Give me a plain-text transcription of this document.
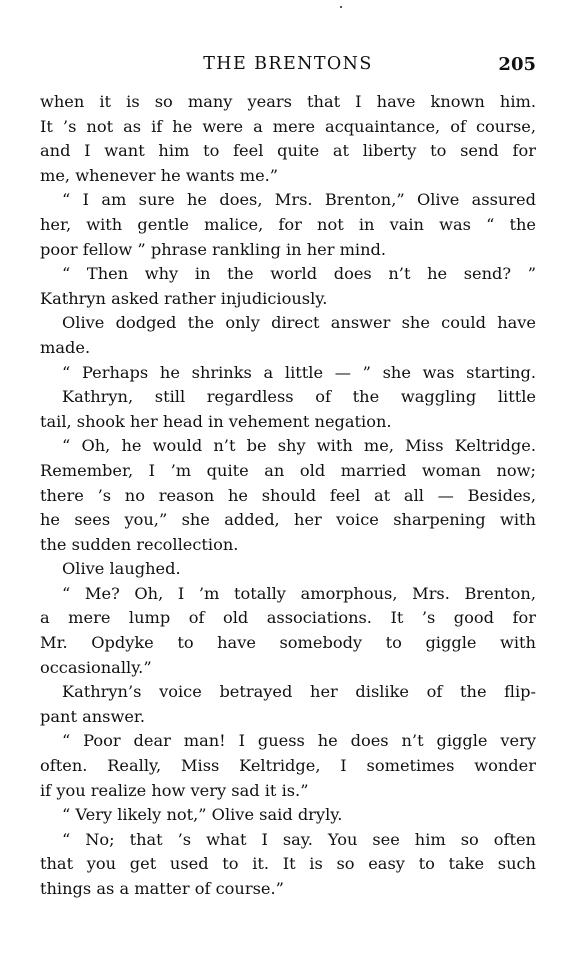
THE BRENTONS	205
when it is so many years that I have known him.
It ’s not as if he were a mere acquaintance, of course,
and I want him to feel quite at liberty to send for
me, whenever he wants me.”
“ I am sure he does, Mrs. Brenton,” Olive assured
her, with gentle malice, for not in vain was “ the
poor fellow ” phrase rankling in her mind.
“ Then why in the world does n’t he send? ”
Kathryn asked rather injudiciously.
Olive dodged the only direct answer she could have
made.
“ Perhaps he shrinks a little — ” she was starting.
Kathryn, still regardless of the waggling little
tail, shook her head in vehement negation.
“ Oh, he would n’t be shy with me, Miss Keltridge.
Remember, I ’m quite an old married woman now;
there ’s no reason he should feel at all — Besides,
he sees you,” she added, her voice sharpening with
the sudden recollection.
Olive laughed.
“ Me? Oh, I ’m totally amorphous, Mrs. Brenton,
a mere lump of old associations. It ’s good for
Mr. Opdyke to have somebody to giggle with
occasionally.”
Kathryn’s voice betrayed her dislike of the flip-
pant answer.
“ Poor dear man! I guess he does n’t giggle very
often. Really, Miss Keltridge, I sometimes wonder
if you realize how very sad it is.”
“ Very likely not,” Olive said dryly.
“ No; that ’s what I say. You see him so often
that you get used to it. It is so easy to take such
things as a matter of course.”
